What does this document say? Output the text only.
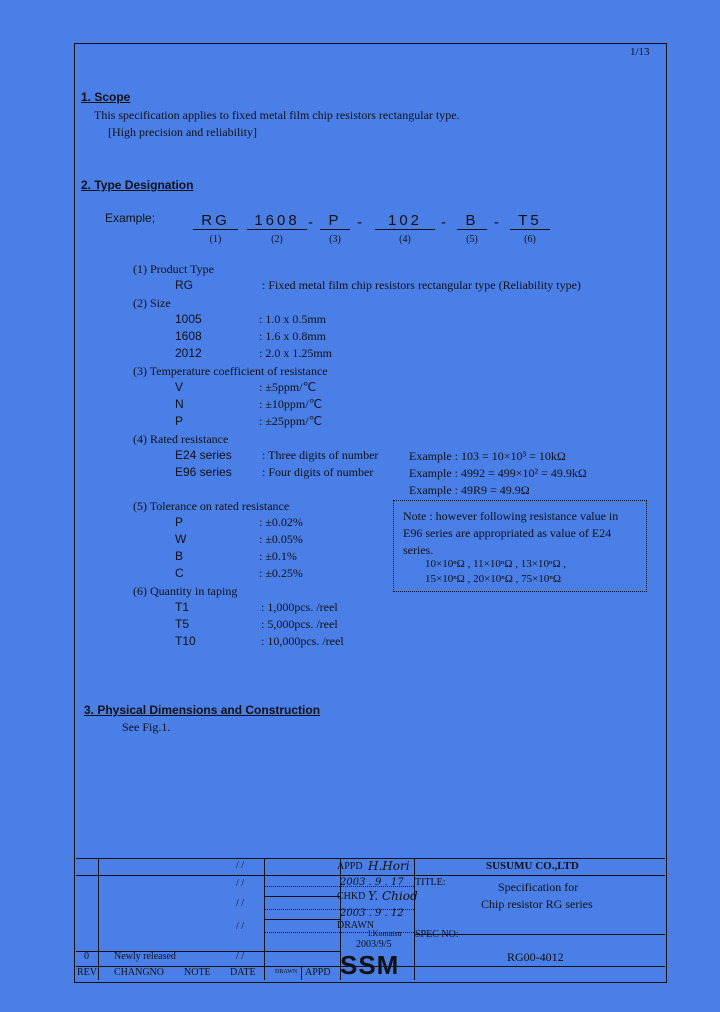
1/13
1. Scope
This specification applies to fixed metal film chip resistors rectangular type.
[High precision and reliability]
2. Type Designation
Example;	RG	1608	P	102	B	T5
-	-	-
-
(1)	(2)	(3)	(4)	(5)	(6)
(1) Product Type
RG	: Fixed metal film chip resistors rectangular type (Reliability type)
(2) Size
1005	: 1.0 x 0.5mm
1608	: 1.6 x 0.8mm
2012	: 2.0 x 1.25mm
(3) Temperature coefficient of resistance
V	: ±5ppm/℃
N	: ±10ppm/℃
P	: ±25ppm/℃
(4) Rated resistance
E24 series	: Three digits of number
E96 series	: Four digits of number
Example : 103 = 10×10³ = 10kΩ
Example : 4992 = 499×10² = 49.9kΩ
Example : 49R9 = 49.9Ω
Note : however following resistance value in
E96 series are appropriated as value of E24
series.
10×10ⁿΩ , 11×10ⁿΩ , 13×10ⁿΩ ,
15×10ⁿΩ , 20×10ⁿΩ , 75×10ⁿΩ
(5) Tolerance on rated resistance
P	: ±0.02%
W	: ±0.05%
B	: ±0.1%
C	: ±0.25%
(6) Quantity in taping
T1	: 1,000pcs. /reel
T5	: 5,000pcs. /reel
T10	: 10,000pcs. /reel
3. Physical Dimensions and Construction
See Fig.1.
APPD H.Hori
2003 . 9 . 17
CHKD Y. Chiod
2003 . 9 . 12
DRAWN
I.Komatsu
2003/9/5
/ /
/ /
/ /
/ /
/ /
0	Newly released
REV CHANGNO NOTE DATE	DRAWN APPD
SUSUMU CO.,LTD
TITLE:	Specification for
Chip resistor RG series
SPEC NO:
RG00-4012
SSM
